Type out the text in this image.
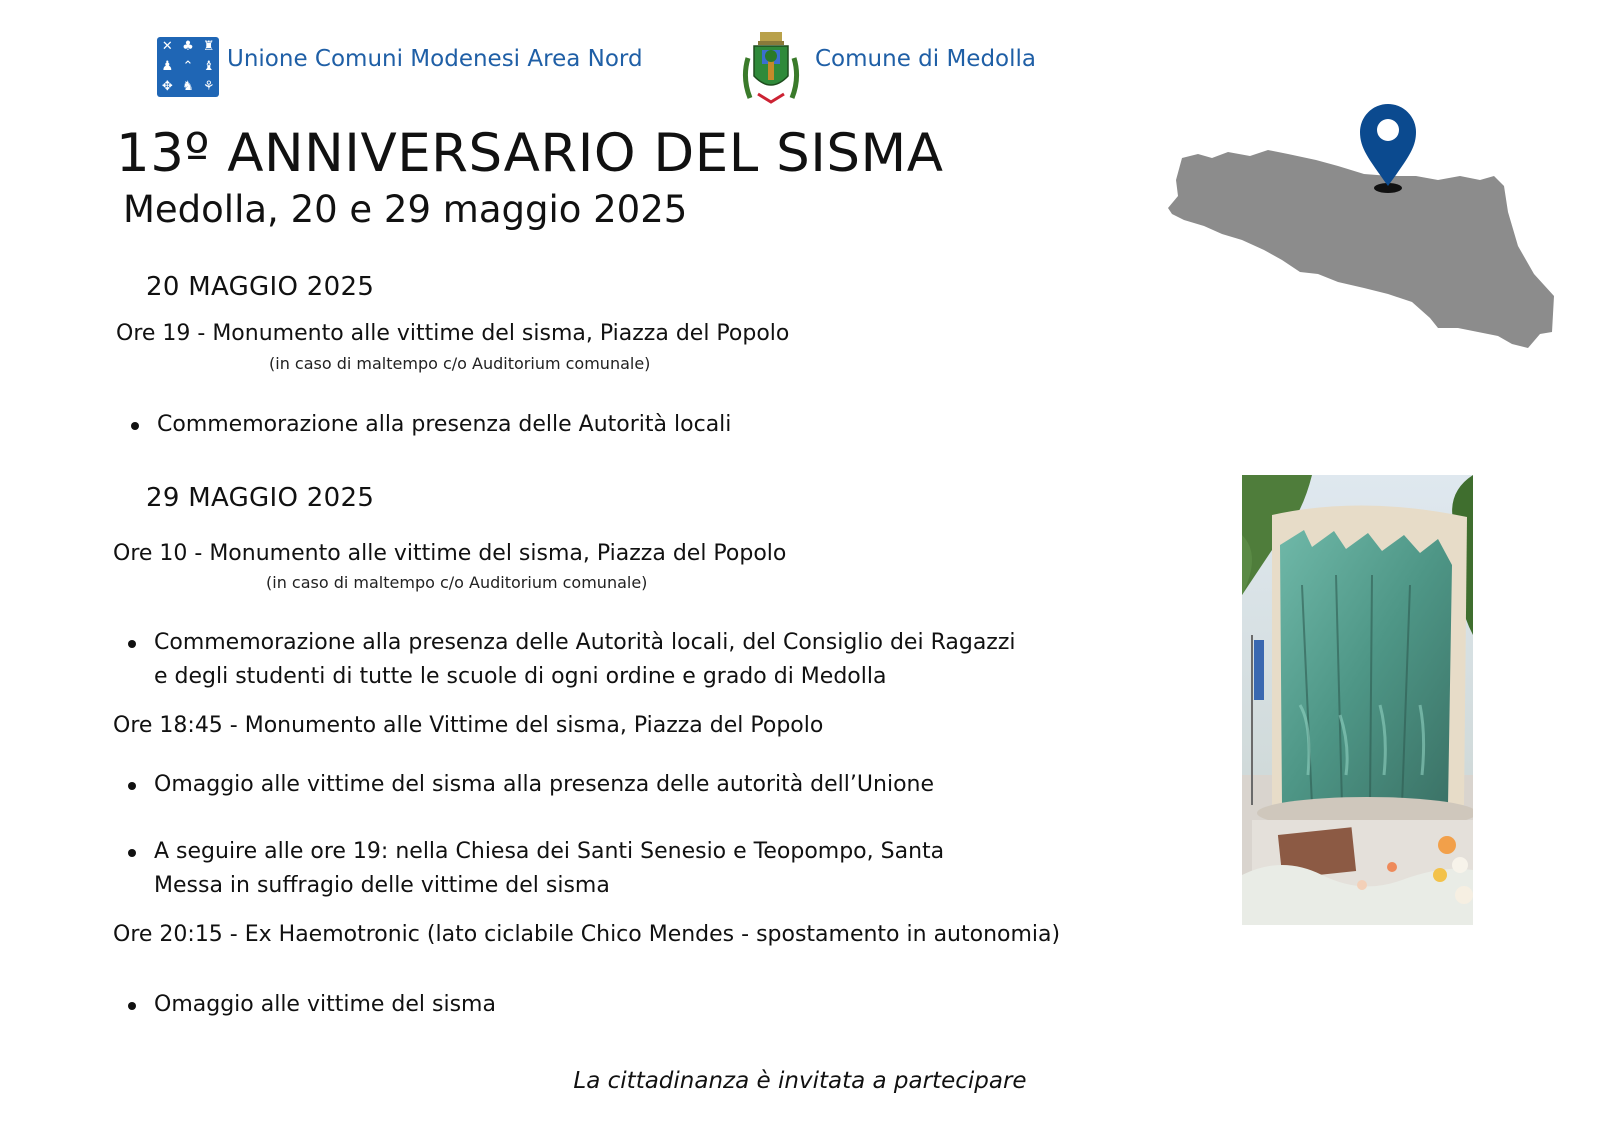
✕ ♣ ♜
♟ ⌃ ♝
✥ ♞ ⚘
Unione Comuni Modenesi Area Nord	Comune di Medolla
13º ANNIVERSARIO DEL SISMA
Medolla, 20 e 29 maggio 2025
20 MAGGIO 2025
Ore 19 - Monumento alle vittime del sisma, Piazza del Popolo
(in caso di maltempo c/o Auditorium comunale)
Commemorazione alla presenza delle Autorità locali
29 MAGGIO 2025
Ore 10 - Monumento alle vittime del sisma, Piazza del Popolo
(in caso di maltempo c/o Auditorium comunale)
Commemorazione alla presenza delle Autorità locali, del Consiglio dei Ragazzi
e degli studenti di tutte le scuole di ogni ordine e grado di Medolla
Ore 18:45 - Monumento alle Vittime del sisma, Piazza del Popolo
Omaggio alle vittime del sisma alla presenza delle autorità dell’Unione
A seguire alle ore 19: nella Chiesa dei Santi Senesio e Teopompo, Santa
Messa in suffragio delle vittime del sisma
Ore 20:15 - Ex Haemotronic (lato ciclabile Chico Mendes - spostamento in autonomia)
Omaggio alle vittime del sisma
La cittadinanza è invitata a partecipare
